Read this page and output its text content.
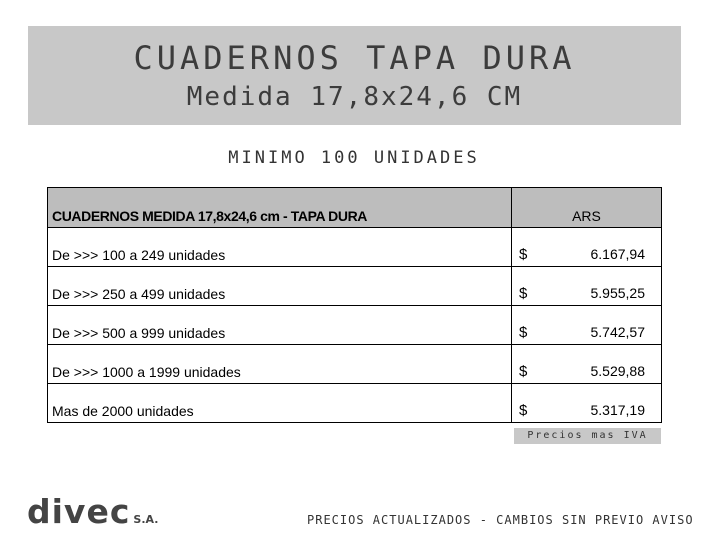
CUADERNOS TAPA DURA
Medida 17,8x24,6 CM
MINIMO 100 UNIDADES
CUADERNOS MEDIDA 17,8x24,6 cm - TAPA DURA	ARS
De >>> 100 a 249 unidades	$ 6.167,94

De >>> 250 a 499 unidades	$ 5.955,25

De >>> 500 a 999 unidades	$ 5.742,57

De >>> 1000 a 1999 unidades	$ 5.529,88

Mas de 2000 unidades	$ 5.317,19
Precios mas IVA
divec S.A.	PRECIOS ACTUALIZADOS - CAMBIOS SIN PREVIO AVISO
